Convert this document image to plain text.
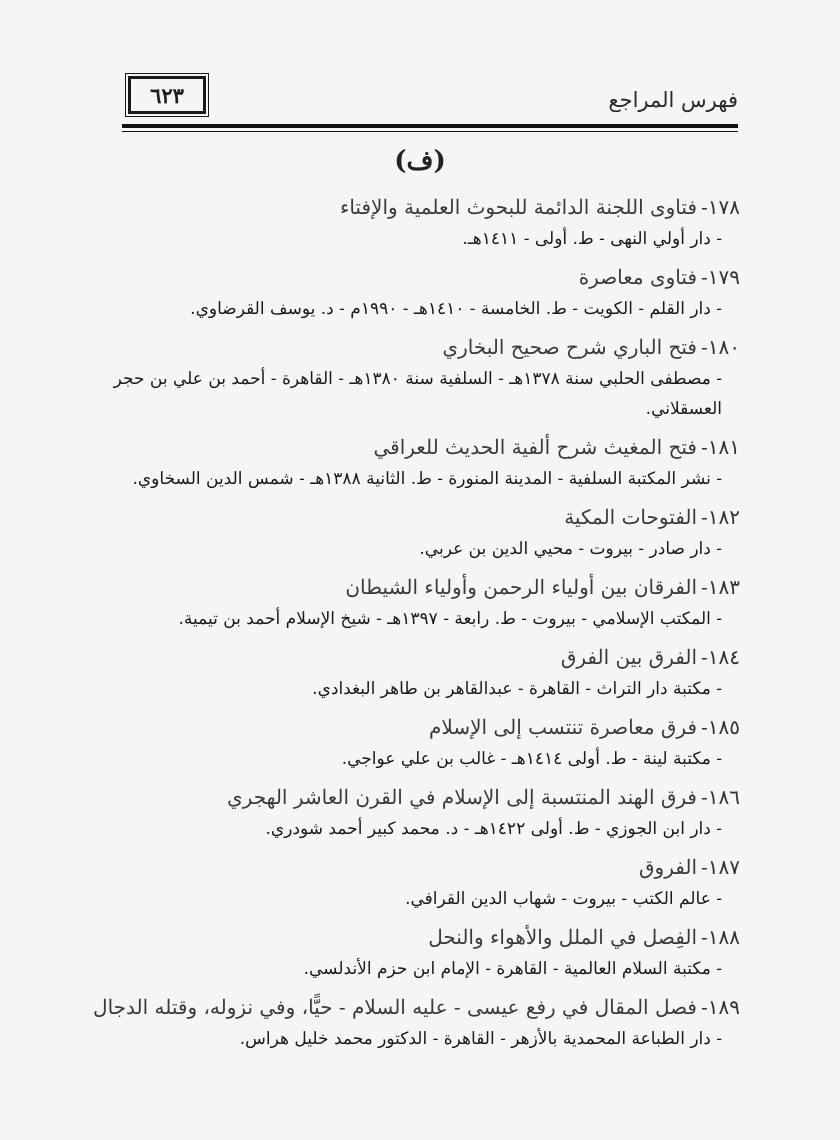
فهرس المراجع
٦٢٣
(ف)
١٧٨-فتاوى اللجنة الدائمة للبحوث العلمية والإفتاء
- دار أولي النهى - ط. أولى - ١٤١١هـ.
١٧٩-فتاوى معاصرة
- دار القلم - الكويت - ط. الخامسة - ١٤١٠هـ - ١٩٩٠م - د. يوسف القرضاوي.
١٨٠-فتح الباري شرح صحيح البخاري
- مصطفى الحلبي سنة ١٣٧٨هـ - السلفية سنة ١٣٨٠هـ - القاهرة - أحمد بن علي بن حجر العسقلاني.
١٨١-فتح المغيث شرح ألفية الحديث للعراقي
- نشر المكتبة السلفية - المدينة المنورة - ط. الثانية ١٣٨٨هـ - شمس الدين السخاوي.
١٨٢-الفتوحات المكية
- دار صادر - بيروت - محيي الدين بن عربي.
١٨٣-الفرقان بين أولياء الرحمن وأولياء الشيطان
- المكتب الإسلامي - بيروت - ط. رابعة - ١٣٩٧هـ - شيخ الإسلام أحمد بن تيمية.
١٨٤-الفرق بين الفرق
- مكتبة دار التراث - القاهرة - عبدالقاهر بن طاهر البغدادي.
١٨٥-فرق معاصرة تنتسب إلى الإسلام
- مكتبة لينة - ط. أولى ١٤١٤هـ - غالب بن علي عواجي.
١٨٦-فرق الهند المنتسبة إلى الإسلام في القرن العاشر الهجري
- دار ابن الجوزي - ط. أولى ١٤٢٢هـ - د. محمد كبير أحمد شودري.
١٨٧-الفروق
- عالم الكتب - بيروت - شهاب الدين القرافي.
١٨٨-الفِصل في الملل والأهواء والنحل
- مكتبة السلام العالمية - القاهرة - الإمام ابن حزم الأندلسي.
١٨٩-فصل المقال في رفع عيسى - عليه السلام - حيًّا، وفي نزوله، وقتله الدجال
- دار الطباعة المحمدية بالأزهر - القاهرة - الدكتور محمد خليل هراس.
